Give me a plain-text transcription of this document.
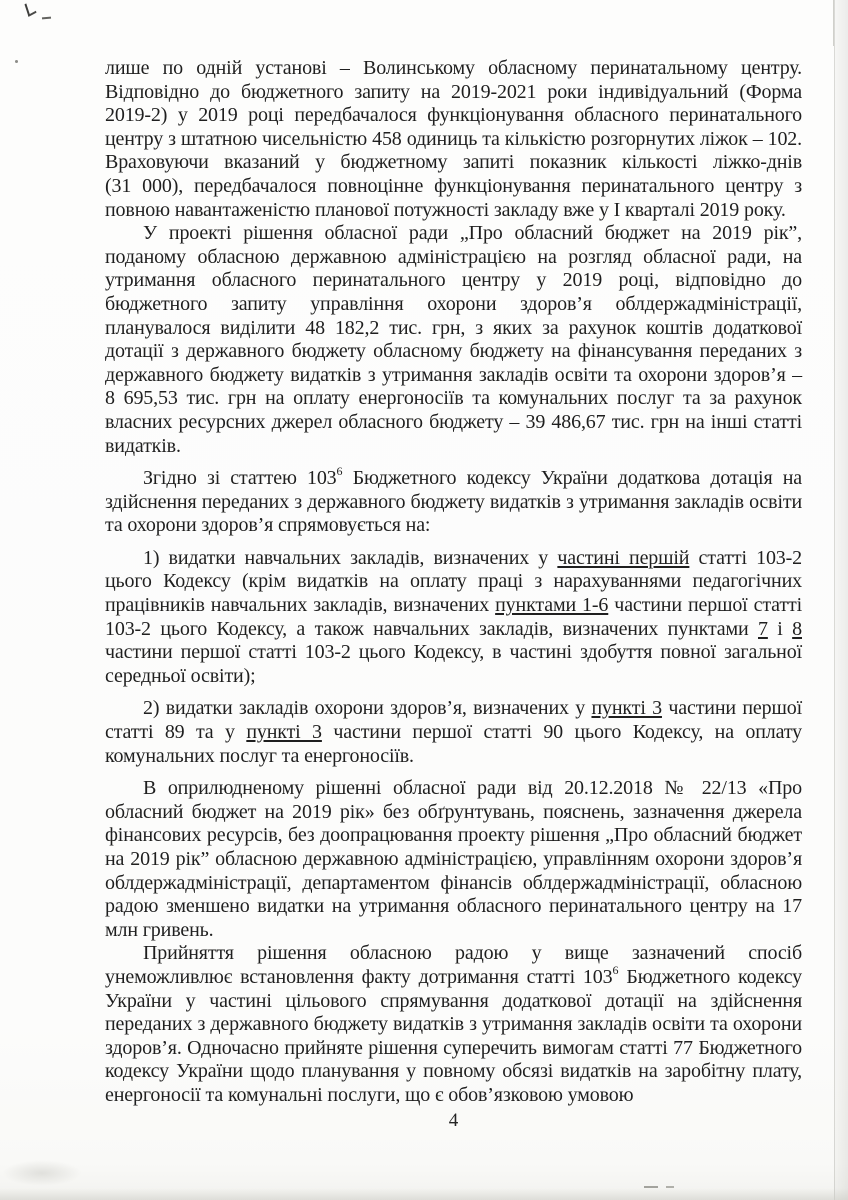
лише по одній установі – Волинському обласному перинатальному центру. Відповідно до бюджетного запиту на 2019-2021 роки індивідуальний (Форма 2019-2) у 2019 році передбачалося функціонування обласного перинатального центру з штатною чисельністю 458 одиниць та кількістю розгорнутих ліжок – 102. Враховуючи вказаний у бюджетному запиті показник кількості ліжко-днів (31 000), передбачалося повноцінне функціонування перинатального центру з повною навантаженістю планової потужності закладу вже у І кварталі 2019 року.

У проекті рішення обласної ради „Про обласний бюджет на 2019 рік”, поданому обласною державною адміністрацією на розгляд обласної ради, на утримання обласного перинатального центру у 2019 році, відповідно до бюджетного запиту управління охорони здоров’я облдержадміністрації, планувалося виділити 48 182,2 тис. грн, з яких за рахунок коштів додаткової дотації з державного бюджету обласному бюджету на фінансування переданих з державного бюджету видатків з утримання закладів освіти та охорони здоров’я – 8 695,53 тис. грн на оплату енергоносіїв та комунальних послуг та за рахунок власних ресурсних джерел обласного бюджету – 39 486,67 тис. грн на інші статті видатків.

Згідно зі статтею $103^6$ Бюджетного кодексу України додаткова дотація на здійснення переданих з державного бюджету видатків з утримання закладів освіти та охорони здоров’я спрямовується на:

1) видатки навчальних закладів, визначених у частині першій статті 103-2 цього Кодексу (крім видатків на оплату праці з нарахуваннями педагогічних працівників навчальних закладів, визначених пунктами 1-6 частини першої статті 103-2 цього Кодексу, а також навчальних закладів, визначених пунктами 7 і 8 частини першої статті 103-2 цього Кодексу, в частині здобуття повної загальної середньої освіти);

2) видатки закладів охорони здоров’я, визначених у пункті 3 частини першої статті 89 та у пункті 3 частини першої статті 90 цього Кодексу, на оплату комунальних послуг та енергоносіїв.

В оприлюдненому рішенні обласної ради від 20.12.2018 № 22/13 «Про обласний бюджет на 2019 рік» без обґрунтувань, пояснень, зазначення джерела фінансових ресурсів, без доопрацювання проекту рішення „Про обласний бюджет на 2019 рік” обласною державною адміністрацією, управлінням охорони здоров’я облдержадміністрації, департаментом фінансів облдержадміністрації, обласною радою зменшено видатки на утримання обласного перинатального центру на 17 млн гривень.

Прийняття рішення обласною радою у вище зазначений спосіб унеможливлює встановлення факту дотримання статті $103^6$ Бюджетного кодексу України у частині цільового спрямування додаткової дотації на здійснення переданих з державного бюджету видатків з утримання закладів освіти та охорони здоров’я. Одночасно прийняте рішення суперечить вимогам статті 77 Бюджетного кодексу України щодо планування у повному обсязі видатків на заробітну плату, енергоносії та комунальні послуги, що є обов’язковою умовою

4
